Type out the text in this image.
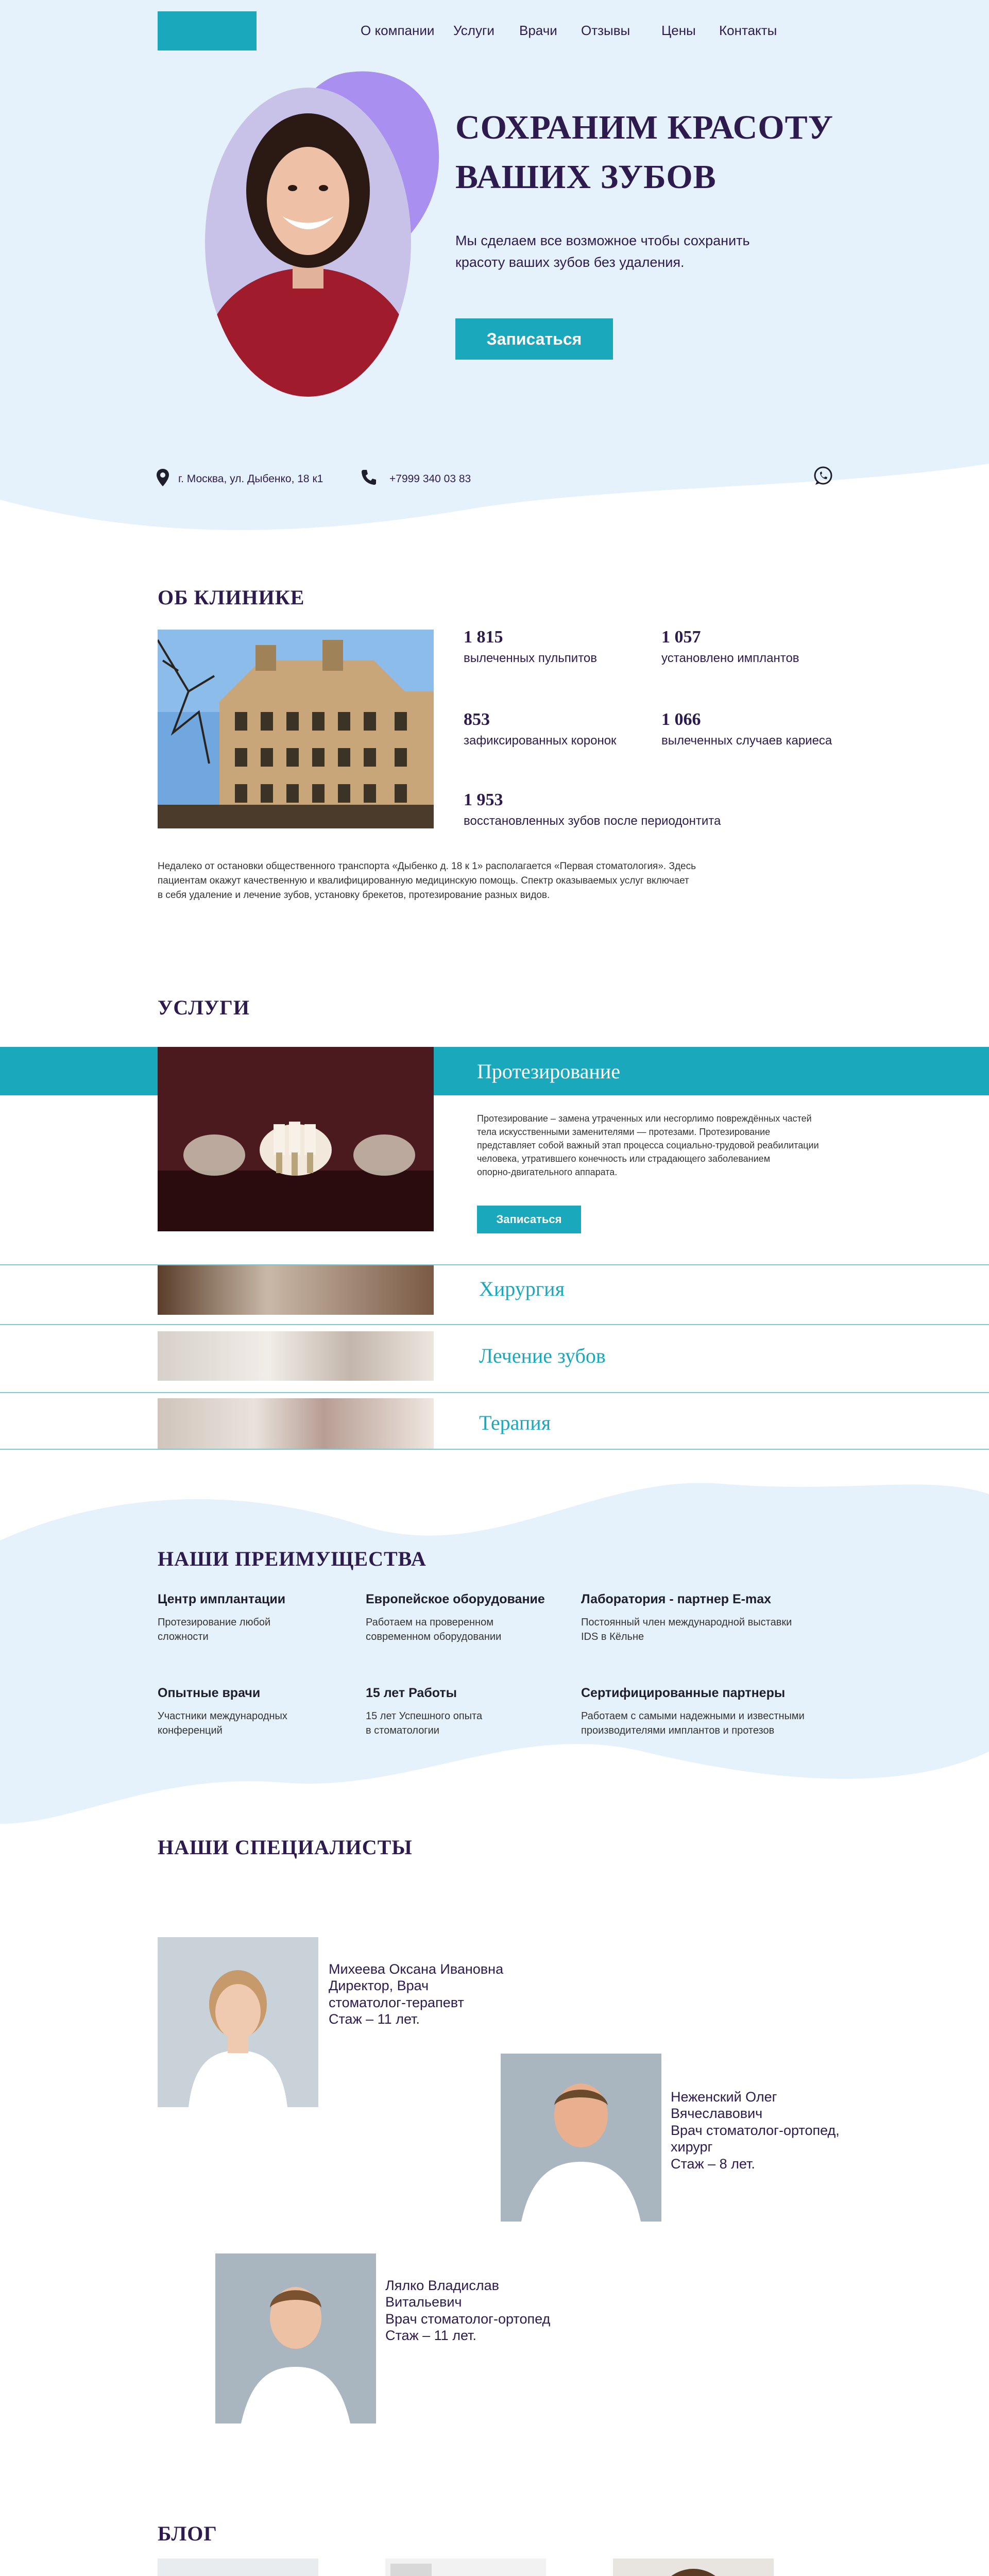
О компании Услуги Врачи Отзывы Цены Контакты
СОХРАНИМ КРАСОТУ
ВАШИХ ЗУБОВ
Мы сделаем все возможное чтобы сохранить
красоту ваших зубов без удаления.
Записаться
г. Москва, ул. Дыбенко, 18 к1	+7999 340 03 83
ОБ КЛИНИКЕ
1 815
вылеченных пульпитов
1 057
установлено имплантов
853
зафиксированных коронок
1 066
вылеченных случаев кариеса
1 953
восстановленных зубов после периодонтита
Недалеко от остановки общественного транспорта «Дыбенко д. 18 к 1» располагается «Первая стоматология». Здесь
пациентам окажут качественную и квалифицированную медицинскую помощь. Спектр оказываемых услуг включает
в себя удаление и лечение зубов, установку брекетов, протезирование разных видов.
УСЛУГИ
Протезирование
Протезирование – замена утраченных или несгорлимо повреждённых частей
тела искусственными заменителями — протезами. Протезирование
представляет собой важный этап процесса социально-трудовой реабилитации
человека, утратившего конечность или страдающего заболеванием
опорно-двигательного аппарата.
Записаться
Хирургия
Лечение зубов
Терапия
НАШИ ПРЕИМУЩЕСТВА
Центр имплантации
Протезирование любой
сложности
Европейское оборудование
Работаем на проверенном
современном оборудовании
Лаборатория - партнер E-max
Постоянный член международной выставки
IDS в Кёльне
Опытные врачи
Участники международных
конференций
15 лет Работы
15 лет Успешного опыта
в стоматологии
Сертифицированные партнеры
Работаем с самыми надежными и известными
производителями имплантов и протезов
НАШИ СПЕЦИАЛИСТЫ
Михеева Оксана Ивановна
Директор, Врач
стоматолог-терапевт
Стаж – 11 лет.
Неженский Олег
Вячеславович
Врач стоматолог-ортопед,
хирург
Стаж – 8 лет.
Лялко Владислав
Витальевич
Врач стоматолог-ортопед
Стаж – 11 лет.
БЛОГ
